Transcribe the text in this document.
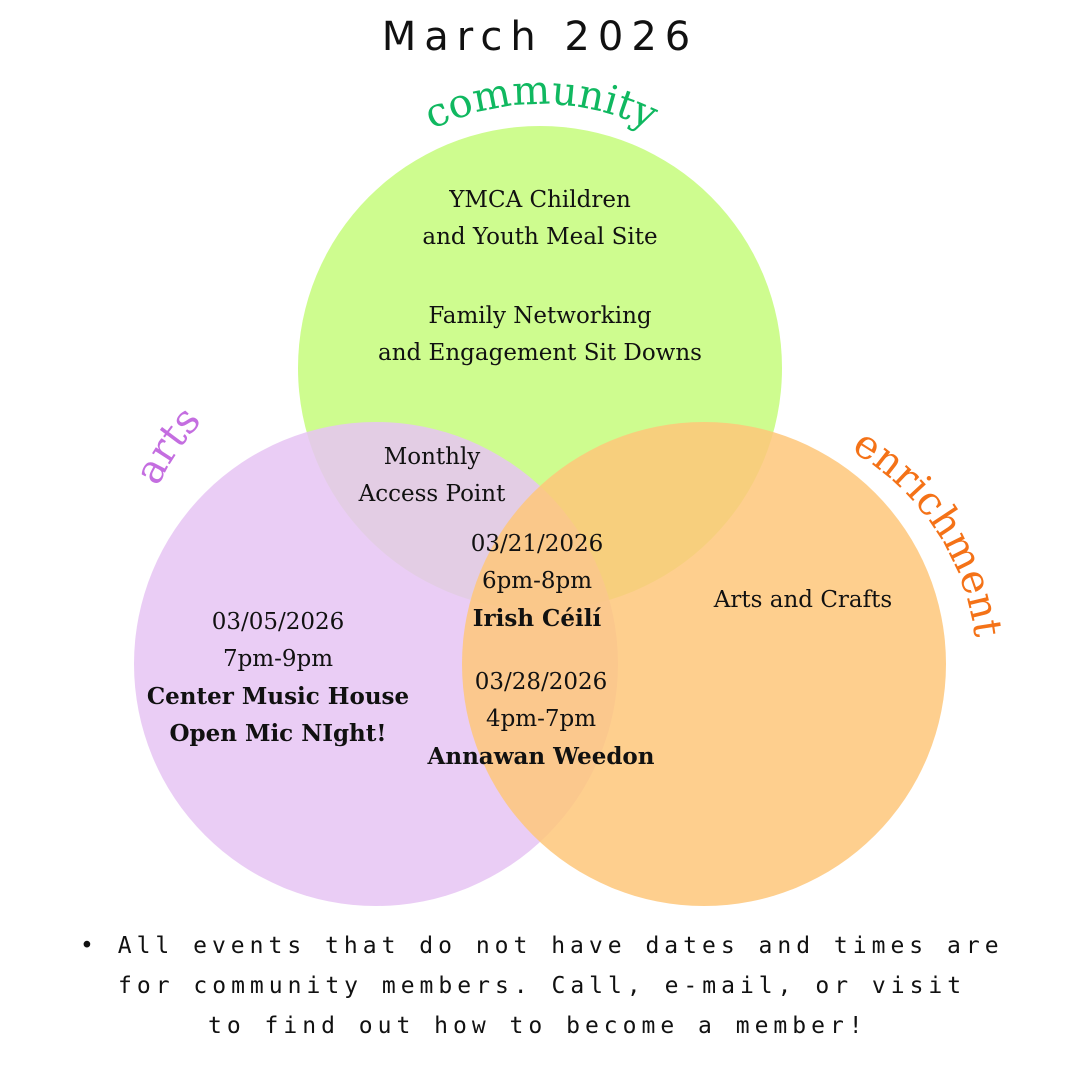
March 2026
community
arts	enrichment
YMCA Children
and Youth Meal Site
Family Networking
and Engagement Sit Downs
Monthly
Access Point
03/21/2026
6pm-8pm
Irish Céilí
03/05/2026
7pm-9pm
Center Music House
Open Mic NIght!
03/28/2026
4pm-7pm
Annawan Weedon
Arts and Crafts
• All events that do not have dates and times are
for community members. Call, e-mail, or visit
to find out how to become a member!
